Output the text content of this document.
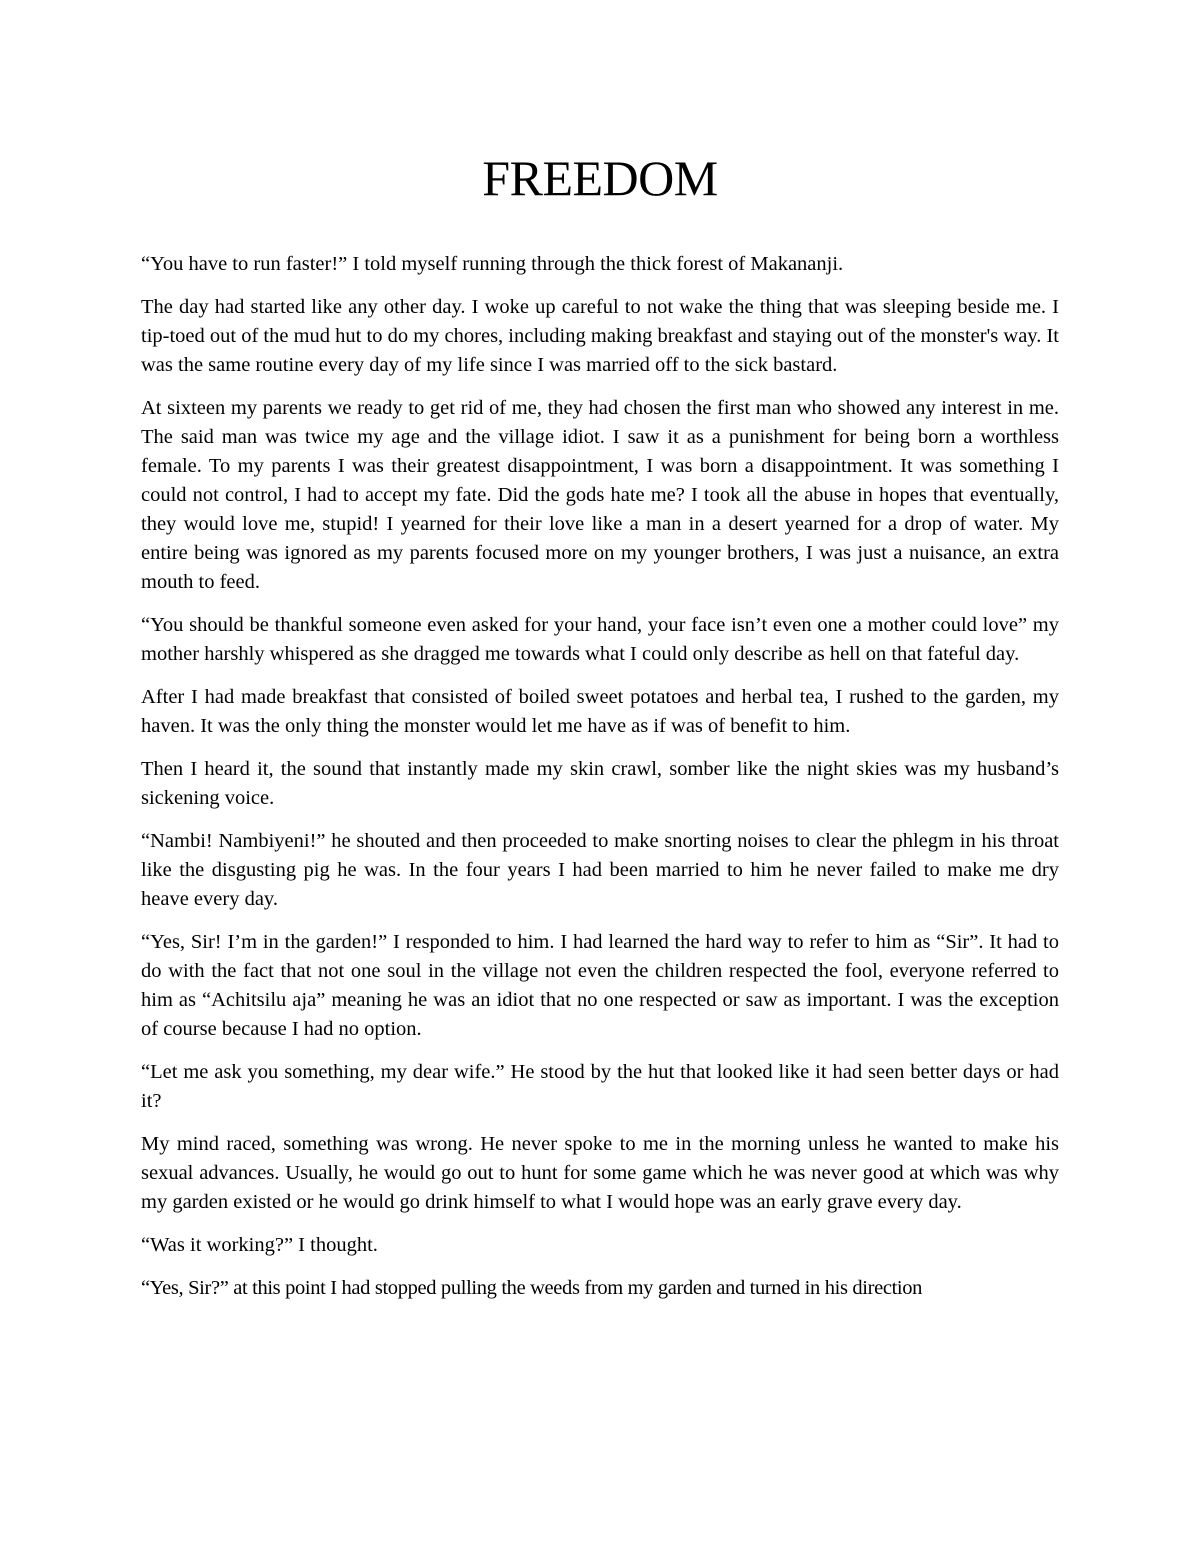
FREEDOM

“You have to run faster!” I told myself running through the thick forest of Makananji.

The day had started like any other day. I woke up careful to not wake the thing that was sleeping beside me. I tip-toed out of the mud hut to do my chores, including making breakfast and staying out of the monster's way. It was the same routine every day of my life since I was married off to the sick bastard.

At sixteen my parents we ready to get rid of me, they had chosen the first man who showed any interest in me. The said man was twice my age and the village idiot. I saw it as a punishment for being born a worthless female. To my parents I was their greatest disappointment, I was born a disappointment. It was something I could not control, I had to accept my fate. Did the gods hate me? I took all the abuse in hopes that eventually, they would love me, stupid! I yearned for their love like a man in a desert yearned for a drop of water. My entire being was ignored as my parents focused more on my younger brothers, I was just a nuisance, an extra mouth to feed.

“You should be thankful someone even asked for your hand, your face isn’t even one a mother could love” my mother harshly whispered as she dragged me towards what I could only describe as hell on that fateful day.

After I had made breakfast that consisted of boiled sweet potatoes and herbal tea, I rushed to the garden, my haven. It was the only thing the monster would let me have as if was of benefit to him.

Then I heard it, the sound that instantly made my skin crawl, somber like the night skies was my husband’s sickening voice.

“Nambi! Nambiyeni!” he shouted and then proceeded to make snorting noises to clear the phlegm in his throat like the disgusting pig he was. In the four years I had been married to him he never failed to make me dry heave every day.

“Yes, Sir! I’m in the garden!” I responded to him. I had learned the hard way to refer to him as “Sir”. It had to do with the fact that not one soul in the village not even the children respected the fool, everyone referred to him as “Achitsilu aja” meaning he was an idiot that no one respected or saw as important. I was the exception of course because I had no option.

“Let me ask you something, my dear wife.” He stood by the hut that looked like it had seen better days or had it?

My mind raced, something was wrong. He never spoke to me in the morning unless he wanted to make his sexual advances. Usually, he would go out to hunt for some game which he was never good at which was why my garden existed or he would go drink himself to what I would hope was an early grave every day.

“Was it working?” I thought.

“Yes, Sir?” at this point I had stopped pulling the weeds from my garden and turned in his direction
